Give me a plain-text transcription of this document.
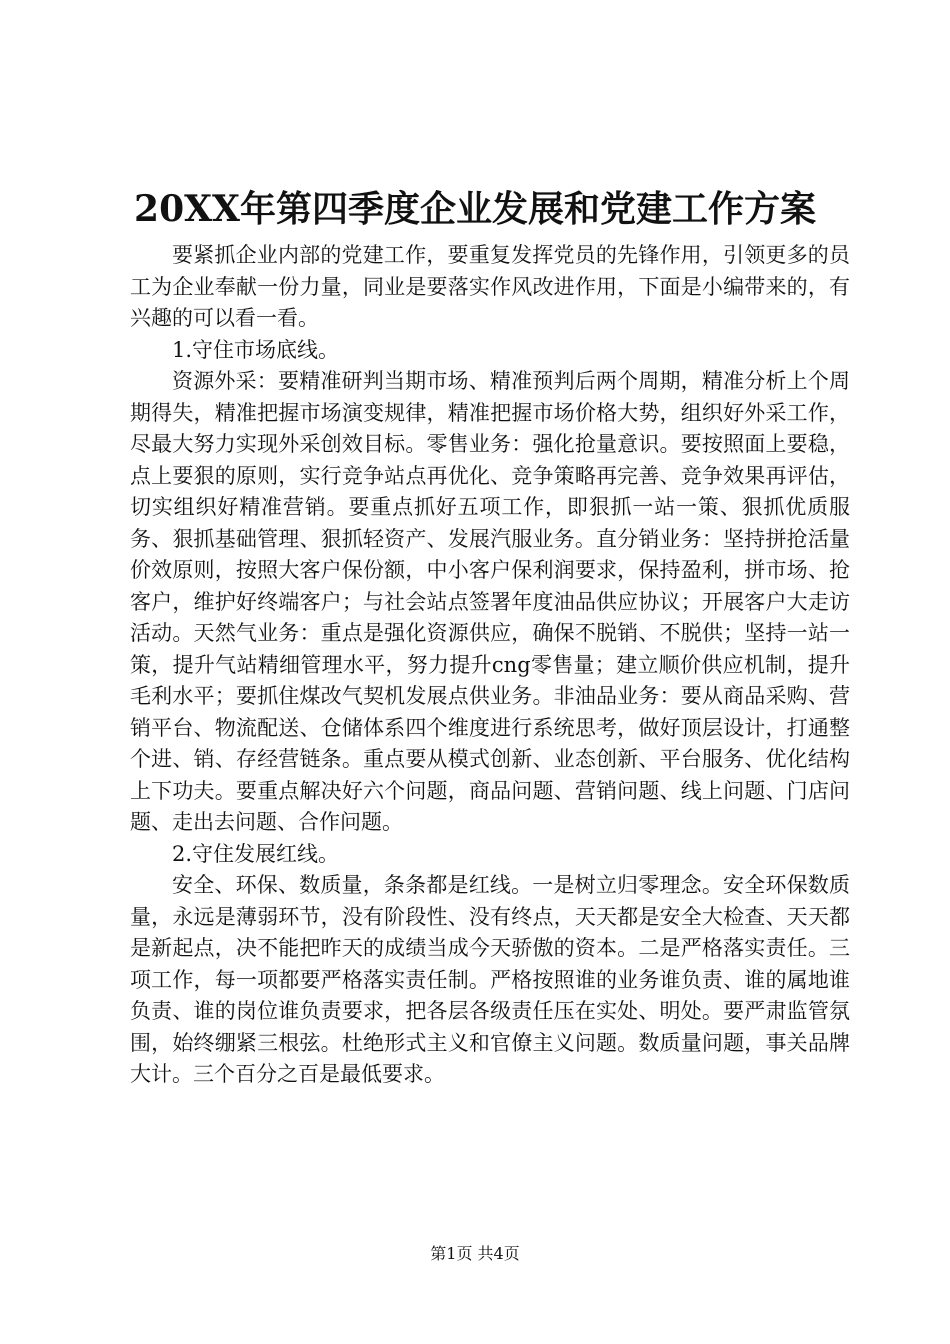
20XX年第四季度企业发展和党建工作方案

要紧抓企业内部的党建工作，要重复发挥党员的先锋作用，引领更多的员工为企业奉献一份力量，同业是要落实作风改进作用，下面是小编带来的，有兴趣的可以看一看。

1.守住市场底线。

资源外采：要精准研判当期市场、精准预判后两个周期，精准分析上个周期得失，精准把握市场演变规律，精准把握市场价格大势，组织好外采工作，尽最大努力实现外采创效目标。零售业务：强化抢量意识。要按照面上要稳，点上要狠的原则，实行竞争站点再优化、竞争策略再完善、竞争效果再评估，切实组织好精准营销。要重点抓好五项工作，即狠抓一站一策、狠抓优质服务、狠抓基础管理、狠抓轻资产、发展汽服业务。直分销业务：坚持拼抢活量价效原则，按照大客户保份额，中小客户保利润要求，保持盈利，拼市场、抢客户，维护好终端客户；与社会站点签署年度油品供应协议；开展客户大走访活动。天然气业务：重点是强化资源供应，确保不脱销、不脱供；坚持一站一策，提升气站精细管理水平，努力提升cng零售量；建立顺价供应机制，提升毛利水平；要抓住煤改气契机发展点供业务。非油品业务：要从商品采购、营销平台、物流配送、仓储体系四个维度进行系统思考，做好顶层设计，打通整个进、销、存经营链条。重点要从模式创新、业态创新、平台服务、优化结构上下功夫。要重点解决好六个问题，商品问题、营销问题、线上问题、门店问题、走出去问题、合作问题。

2.守住发展红线。

安全、环保、数质量，条条都是红线。一是树立归零理念。安全环保数质量，永远是薄弱环节，没有阶段性、没有终点，天天都是安全大检查、天天都是新起点，决不能把昨天的成绩当成今天骄傲的资本。二是严格落实责任。三项工作，每一项都要严格落实责任制。严格按照谁的业务谁负责、谁的属地谁负责、谁的岗位谁负责要求，把各层各级责任压在实处、明处。要严肃监管氛围，始终绷紧三根弦。杜绝形式主义和官僚主义问题。数质量问题，事关品牌大计。三个百分之百是最低要求。

第1页 共4页
